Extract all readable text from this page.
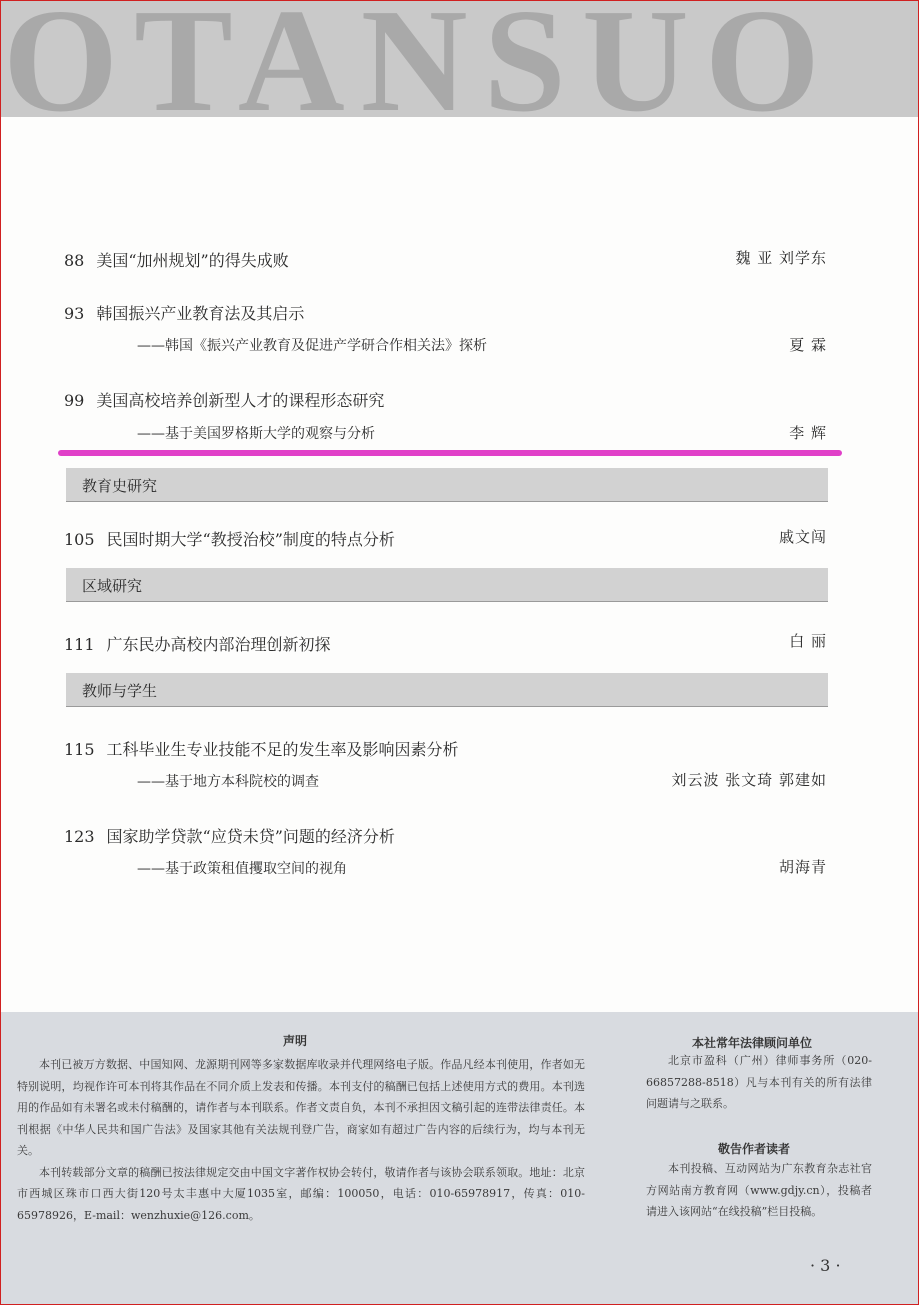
OTANSUO
88 美国“加州规划”的得失成败	魏 亚 刘学东
93 韩国振兴产业教育法及其启示
——韩国《振兴产业教育及促进产学研合作相关法》探析	夏 霖
99 美国高校培养创新型人才的课程形态研究
——基于美国罗格斯大学的观察与分析	李 辉
教育史研究
105 民国时期大学“教授治校”制度的特点分析	戚文闯
区域研究
111 广东民办高校内部治理创新初探	白 丽
教师与学生
115 工科毕业生专业技能不足的发生率及影响因素分析
——基于地方本科院校的调查	刘云波 张文琦 郭建如
123 国家助学贷款“应贷未贷”问题的经济分析
——基于政策租值攫取空间的视角	胡海青
声明

本刊已被万方数据、中国知网、龙源期刊网等多家数据库收录并代理网络电子版。作品凡经本刊使用，作者如无特别说明，均视作许可本刊将其作品在不同介质上发表和传播。本刊支付的稿酬已包括上述使用方式的费用。本刊选用的作品如有未署名或未付稿酬的，请作者与本刊联系。作者文责自负，本刊不承担因文稿引起的连带法律责任。本刊根据《中华人民共和国广告法》及国家其他有关法规刊登广告，商家如有超过广告内容的后续行为，均与本刊无关。

本刊转载部分文章的稿酬已按法律规定交由中国文字著作权协会转付，敬请作者与该协会联系领取。地址：北京市西城区珠市口西大街120号太丰惠中大厦1035室，邮编：100050，电话：010-65978917，传真：010-65978926，E-mail：wenzhuxie@126.com。

本社常年法律顾问单位

北京市盈科（广州）律师事务所（020-66857288-8518）凡与本刊有关的所有法律问题请与之联系。

敬告作者读者

本刊投稿、互动网站为广东教育杂志社官方网站南方教育网（www.gdjy.cn），投稿者请进入该网站“在线投稿”栏目投稿。

· 3 ·
